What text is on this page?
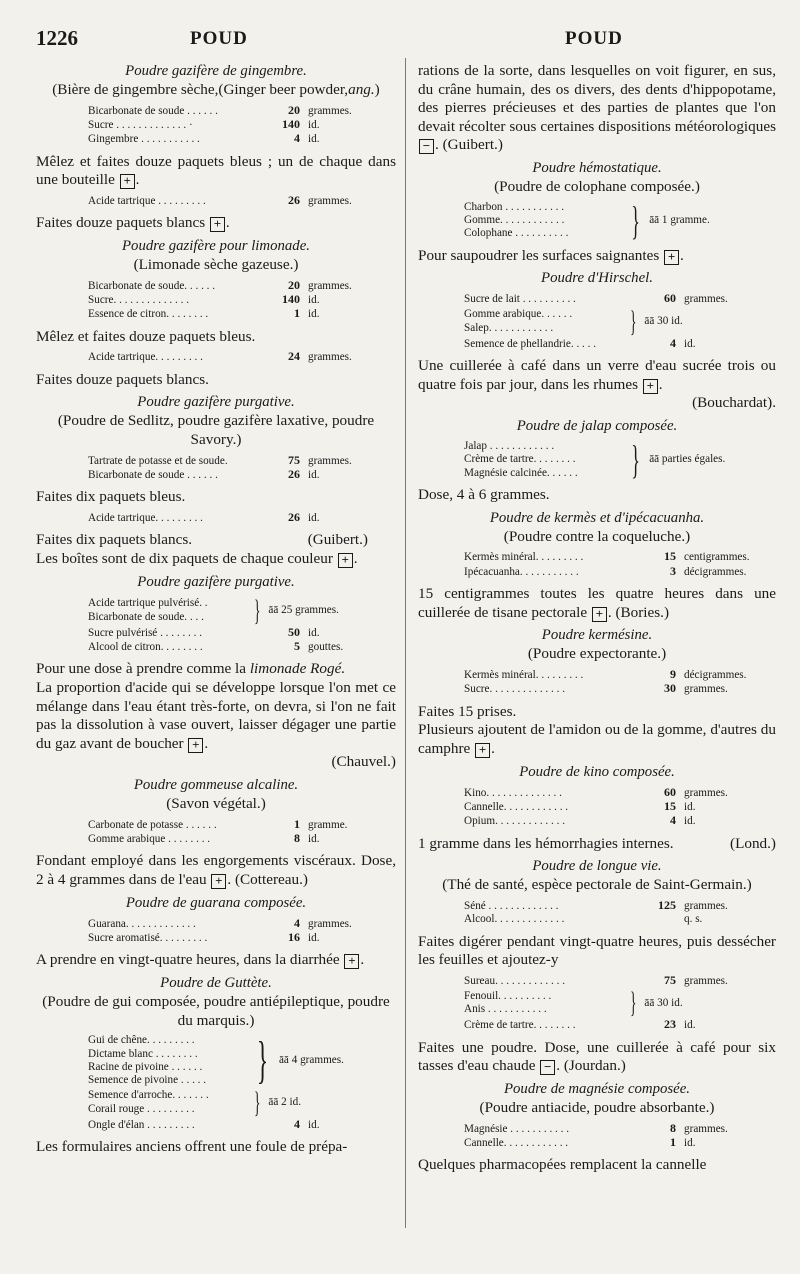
1226	POUD	POUD

Poudre gazifère de gingembre.

(Bière de gingembre sèche,(Ginger beer powder,ang.)

Bicarbonate de soude . . . . . .	20 grammes.
Sucre . . . . . . . . . . . . . ·	140 id.
Gingembre . . . . . . . . . . .	4 id.

Mêlez et faites douze paquets bleus ; un de chaque dans une bouteille + .

Acide tartrique . . . . . . . . .	26 grammes.

Faites douze paquets blancs + .

Poudre gazifère pour limonade.

(Limonade sèche gazeuse.)

Bicarbonate de soude. . . . . .	20 grammes.
Sucre. . . . . . . . . . . . . .	140 id.
Essence de citron. . . . . . . .	1 id.

Mêlez et faites douze paquets bleus.

Acide tartrique. . . . . . . . .	24 grammes.

Faites douze paquets blancs.

Poudre gazifère purgative.

(Poudre de Sedlitz, poudre gazifère laxative, poudre Savory.)

Tartrate de potasse et de soude.	75 grammes.
Bicarbonate de soude . . . . . .	26 id.

Faites dix paquets bleus.

Acide tartrique. . . . . . . . .	26 id.

Faites dix paquets blancs.	(Guibert.)

Les boîtes sont de dix paquets de chaque couleur + .

Poudre gazifère purgative.

Acide tartrique pulvérisé. .
Bicarbonate de soude. . . .	} āā 25 grammes.
Sucre pulvérisé . . . . . . . .	50 id.
Alcool de citron. . . . . . . .	5 gouttes.

Pour une dose à prendre comme la limonade Rogé.

La proportion d'acide qui se développe lorsque l'on met ce mélange dans l'eau étant très-forte, on devra, si l'on ne fait pas la dissolution à vase ouvert, laisser dégager une partie du gaz avant de boucher + .

(Chauvel.)

Poudre gommeuse alcaline.

(Savon végétal.)

Carbonate de potasse . . . . . .	1 gramme.
Gomme arabique . . . . . . . .	8 id.

Fondant employé dans les engorgements viscéraux. Dose, 2 à 4 grammes dans de l'eau + . (Cottereau.)

Poudre de guarana composée.

Guarana. . . . . . . . . . . . .	4 grammes.
Sucre aromatisé. . . . . . . . .	16 id.

A prendre en vingt-quatre heures, dans la diarrhée + .

Poudre de Guttète.

(Poudre de gui composée, poudre antiépileptique, poudre du marquis.)

Gui de chêne. . . . . . . . .
Dictame blanc . . . . . . . .
Racine de pivoine . . . . . .
Semence de pivoine . . . . . } āā 4 grammes.
Semence d'arroche. . . . . . .
Corail rouge . . . . . . . . .	} āā 2 id.
Ongle d'élan . . . . . . . . .	4 id.

Les formulaires anciens offrent une foule de prépa-

rations de la sorte, dans lesquelles on voit figurer, en sus, du crâne humain, des os divers, des dents d'hippopotame, des pierres précieuses et des parties de plantes que l'on devait récolter sous certaines dispositions météorologiques − . (Guibert.)

Poudre hémostatique.

(Poudre de colophane composée.)

Charbon . . . . . . . . . . .
Gomme. . . . . . . . . . . .
Colophane . . . . . . . . . .	} āā 1 gramme.

Pour saupoudrer les surfaces saignantes + .

Poudre d'Hirschel.

Sucre de lait . . . . . . . . . .	60 grammes.
Gomme arabique. . . . . .
Salep. . . . . . . . . . . .	} āā 30 id.
Semence de phellandrie. . . . .	4 id.

Une cuillerée à café dans un verre d'eau sucrée trois ou quatre fois par jour, dans les rhumes + .

(Bouchardat).

Poudre de jalap composée.

Jalap . . . . . . . . . . . .
Crème de tartre. . . . . . . .
Magnésie calcinée. . . . . .	} āā parties égales.

Dose, 4 à 6 grammes.

Poudre de kermès et d'ipécacuanha.

(Poudre contre la coqueluche.)

Kermès minéral. . . . . . . . .	15 centigrammes.
Ipécacuanha. . . . . . . . . . .	3 décigrammes.

15 centigrammes toutes les quatre heures dans une cuillerée de tisane pectorale + . (Bories.)

Poudre kermésine.

(Poudre expectorante.)

Kermès minéral. . . . . . . . .	9 décigrammes.
Sucre. . . . . . . . . . . . . .	30 grammes.

Faites 15 prises.

Plusieurs ajoutent de l'amidon ou de la gomme, d'autres du camphre + .

Poudre de kino composée.

Kino. . . . . . . . . . . . . .	60 grammes.
Cannelle. . . . . . . . . . . .	15 id.
Opium. . . . . . . . . . . . .	4 id.

1 gramme dans les hémorrhagies internes.	(Lond.)

Poudre de longue vie.

(Thé de santé, espèce pectorale de Saint-Germain.)

Séné . . . . . . . . . . . . .	125 grammes.
Alcool. . . . . . . . . . . . .	q. s.

Faites digérer pendant vingt-quatre heures, puis dessécher les feuilles et ajoutez-y

Sureau. . . . . . . . . . . . .	75 grammes.
Fenouil. . . . . . . . . .
Anis . . . . . . . . . . .	} āā 30 id.
Crème de tartre. . . . . . . .	23 id.

Faites une poudre. Dose, une cuillerée à café pour six tasses d'eau chaude − . (Jourdan.)

Poudre de magnésie composée.

(Poudre antiacide, poudre absorbante.)

Magnésie . . . . . . . . . . .	8 grammes.
Cannelle. . . . . . . . . . . .	1 id.

Quelques pharmacopées remplacent la cannelle
